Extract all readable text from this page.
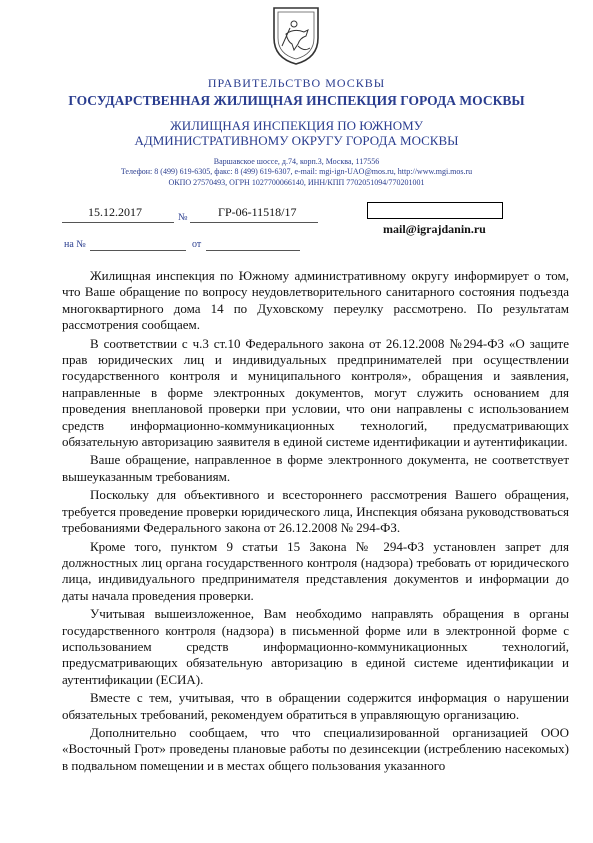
ПРАВИТЕЛЬСТВО МОСКВЫ
ГОСУДАРСТВЕННАЯ ЖИЛИЩНАЯ ИНСПЕКЦИЯ ГОРОДА МОСКВЫ
ЖИЛИЩНАЯ ИНСПЕКЦИЯ ПО ЮЖНОМУ
АДМИНИСТРАТИВНОМУ ОКРУГУ ГОРОДА МОСКВЫ
Варшавское шоссе, д.74, корп.3, Москва, 117556
Телефон: 8 (499) 619-6305, факс: 8 (499) 619-6307, e-mail: mgi-ign-UAO@mos.ru, http://www.mgi.mos.ru
ОКПО 27570493, ОГРН 1027700066140, ИНН/КПП 7702051094/770201001
15.12.2017	№	ГР-06-11518/17
mail@igrajdanin.ru
на №	от

Жилищная инспекция по Южному административному округу информирует о том, что Ваше обращение по вопросу неудовлетворительного санитарного состояния подъезда многоквартирного дома 14 по Духовскому переулку рассмотрено. По результатам рассмотрения сообщаем.

В соответствии с ч.3 ст.10 Федерального закона от 26.12.2008 №294-ФЗ «О защите прав юридических лиц и индивидуальных предпринимателей при осуществлении государственного контроля и муниципального контроля», обращения и заявления, направленные в форме электронных документов, могут служить основанием для проведения внеплановой проверки при условии, что они направлены с использованием средств информационно-коммуникационных технологий, предусматривающих обязательную авторизацию заявителя в единой системе идентификации и аутентификации.

Ваше обращение, направленное в форме электронного документа, не соответствует вышеуказанным требованиям.

Поскольку для объективного и всестороннего рассмотрения Вашего обращения, требуется проведение проверки юридического лица, Инспекция обязана руководствоваться требованиями Федерального закона от 26.12.2008 № 294-ФЗ.

Кроме того, пунктом 9 статьи 15 Закона № 294-ФЗ установлен запрет для должностных лиц органа государственного контроля (надзора) требовать от юридического лица, индивидуального предпринимателя представления документов и информации до даты начала проведения проверки.

Учитывая вышеизложенное, Вам необходимо направлять обращения в органы государственного контроля (надзора) в письменной форме или в электронной форме с использованием средств информационно-коммуникационных технологий, предусматривающих обязательную авторизацию в единой системе идентификации и аутентификации (ЕСИА).

Вместе с тем, учитывая, что в обращении содержится информация о нарушении обязательных требований, рекомендуем обратиться в управляющую организацию.

Дополнительно сообщаем, что что специализированной организацией ООО «Восточный Грот» проведены плановые работы по дезинсекции (истреблению насекомых) в подвальном помещении и в местах общего пользования указанного
